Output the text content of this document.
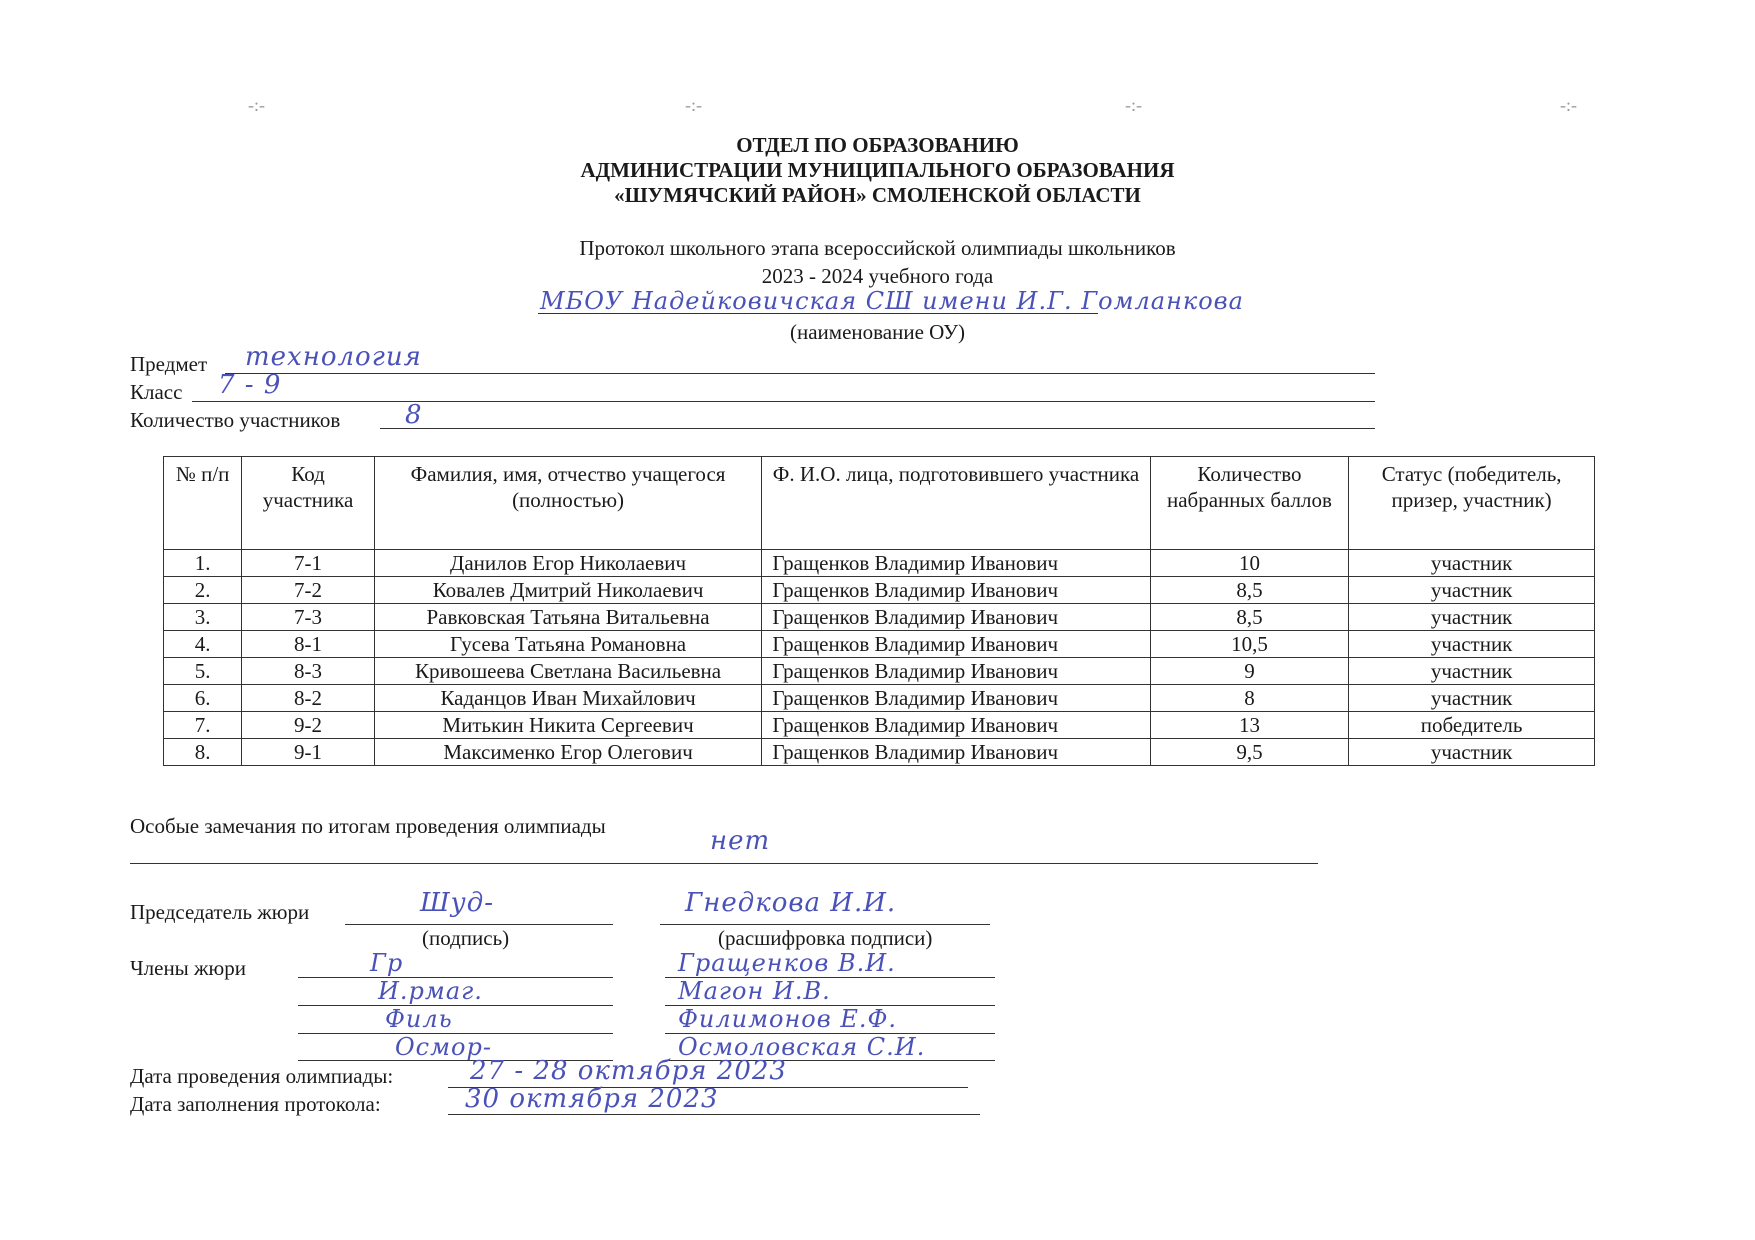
-:-	-:-	-:-	-:-
ОТДЕЛ ПО ОБРАЗОВАНИЮ
АДМИНИСТРАЦИИ МУНИЦИПАЛЬНОГО ОБРАЗОВАНИЯ
«ШУМЯЧСКИЙ РАЙОН» СМОЛЕНСКОЙ ОБЛАСТИ
Протокол школьного этапа всероссийской олимпиады школьников
2023 - 2024 учебного года
МБОУ Надейковичская СШ имени И.Г. Гомланкова
(наименование ОУ)
Предмет технология
Класс 7 - 9
Количество участников 8
№ п/п	Код участника	Фамилия, имя, отчество учащегося (полностью)	Ф. И.О. лица, подготовившего участника	Количество набранных баллов	Статус (победитель, призер, участник)
1.	7-1	Данилов Егор Николаевич	Гращенков Владимир Иванович	10	участник
2.	7-2	Ковалев Дмитрий Николаевич	Гращенков Владимир Иванович	8,5	участник
3.	7-3	Равковская Татьяна Витальевна	Гращенков Владимир Иванович	8,5	участник
4.	8-1	Гусева Татьяна Романовна	Гращенков Владимир Иванович	10,5	участник
5.	8-3	Кривошеева Светлана Васильевна	Гращенков Владимир Иванович	9	участник
6.	8-2	Каданцов Иван Михайлович	Гращенков Владимир Иванович	8	участник
7.	9-2	Митькин Никита Сергеевич	Гращенков Владимир Иванович	13	победитель
8.	9-1	Максименко Егор Олегович	Гращенков Владимир Иванович	9,5	участник
Особые замечания по итогам проведения олимпиады	нет
Председатель жюри	Шуд-	Гнедкова И.И.
(подпись)	(расшифровка подписи)
Члены жюри	Гр	Гращенков В.И.
И.рмаг.	Магон И.В.
Филь	Филимонов Е.Ф.
Осмор-	Осмоловская С.И.
Дата проведения олимпиады:	27 - 28 октября 2023
Дата заполнения протокола:	30 октября 2023
